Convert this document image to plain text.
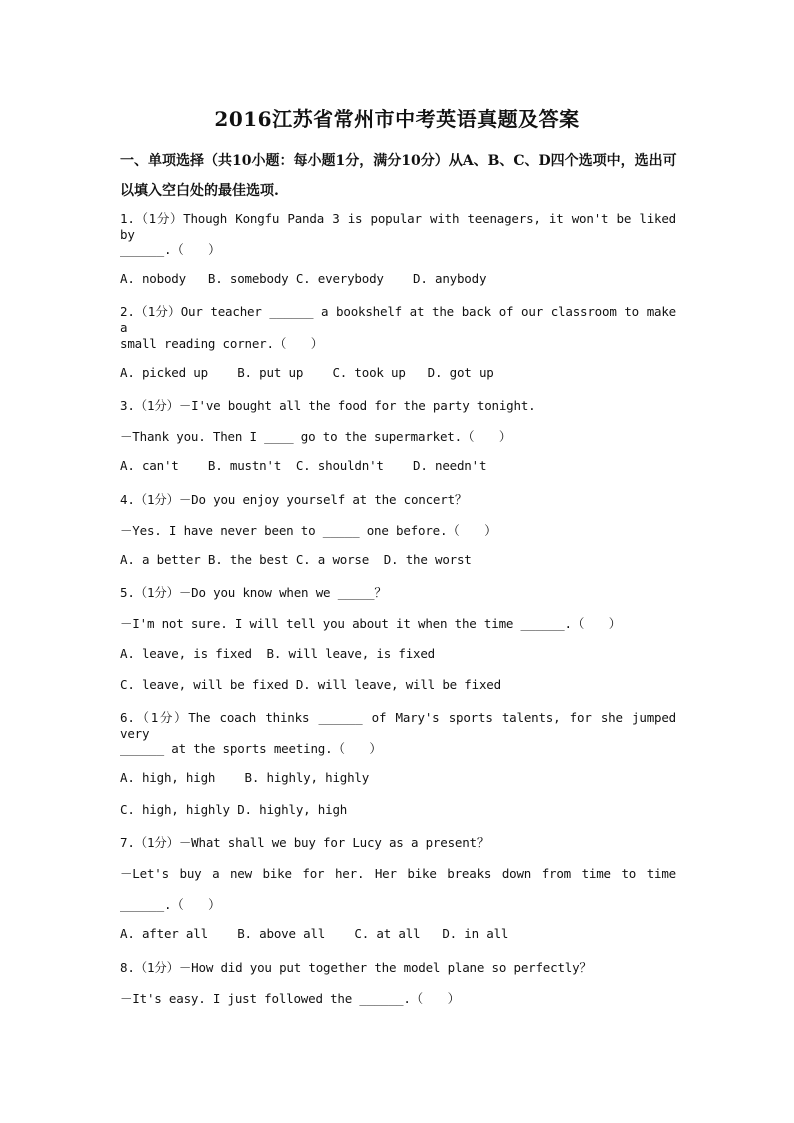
2016江苏省常州市中考英语真题及答案
一、单项选择（共10小题：每小题1分，满分10分）从A、B、C、D四个选项中，选出可以填入空白处的最佳选项.
1.（1分）Though Kongfu Panda 3 is popular with teenagers, it won't be liked by
______.（　　）
A. nobody   B. somebody C. everybody    D. anybody
2.（1分）Our teacher ______ a bookshelf at the back of our classroom to make a
small reading corner.（　　）
A. picked up    B. put up    C. took up   D. got up
3.（1分）－I've bought all the food for the party tonight.
－Thank you. Then I ____ go to the supermarket.（　　）
A. can't    B. mustn't  C. shouldn't    D. needn't
4.（1分）－Do you enjoy yourself at the concert？
－Yes. I have never been to _____ one before.（　　）
A. a better B. the best C. a worse  D. the worst
5.（1分）－Do you know when we _____？
－I'm not sure. I will tell you about it when the time ______.（　　）
A. leave, is fixed  B. will leave, is fixed
C. leave, will be fixed D. will leave, will be fixed
6.（1分）The coach thinks ______ of Mary's sports talents, for she jumped very
______ at the sports meeting.（　　）
A. high, high    B. highly, highly
C. high, highly D. highly, high
7.（1分）－What shall we buy for Lucy as a present？
－Let's buy a new bike for her. Her bike breaks down from time to time
______.（　　）
A. after all    B. above all    C. at all   D. in all
8.（1分）－How did you put together the model plane so perfectly？
－It's easy. I just followed the ______.（　　）
